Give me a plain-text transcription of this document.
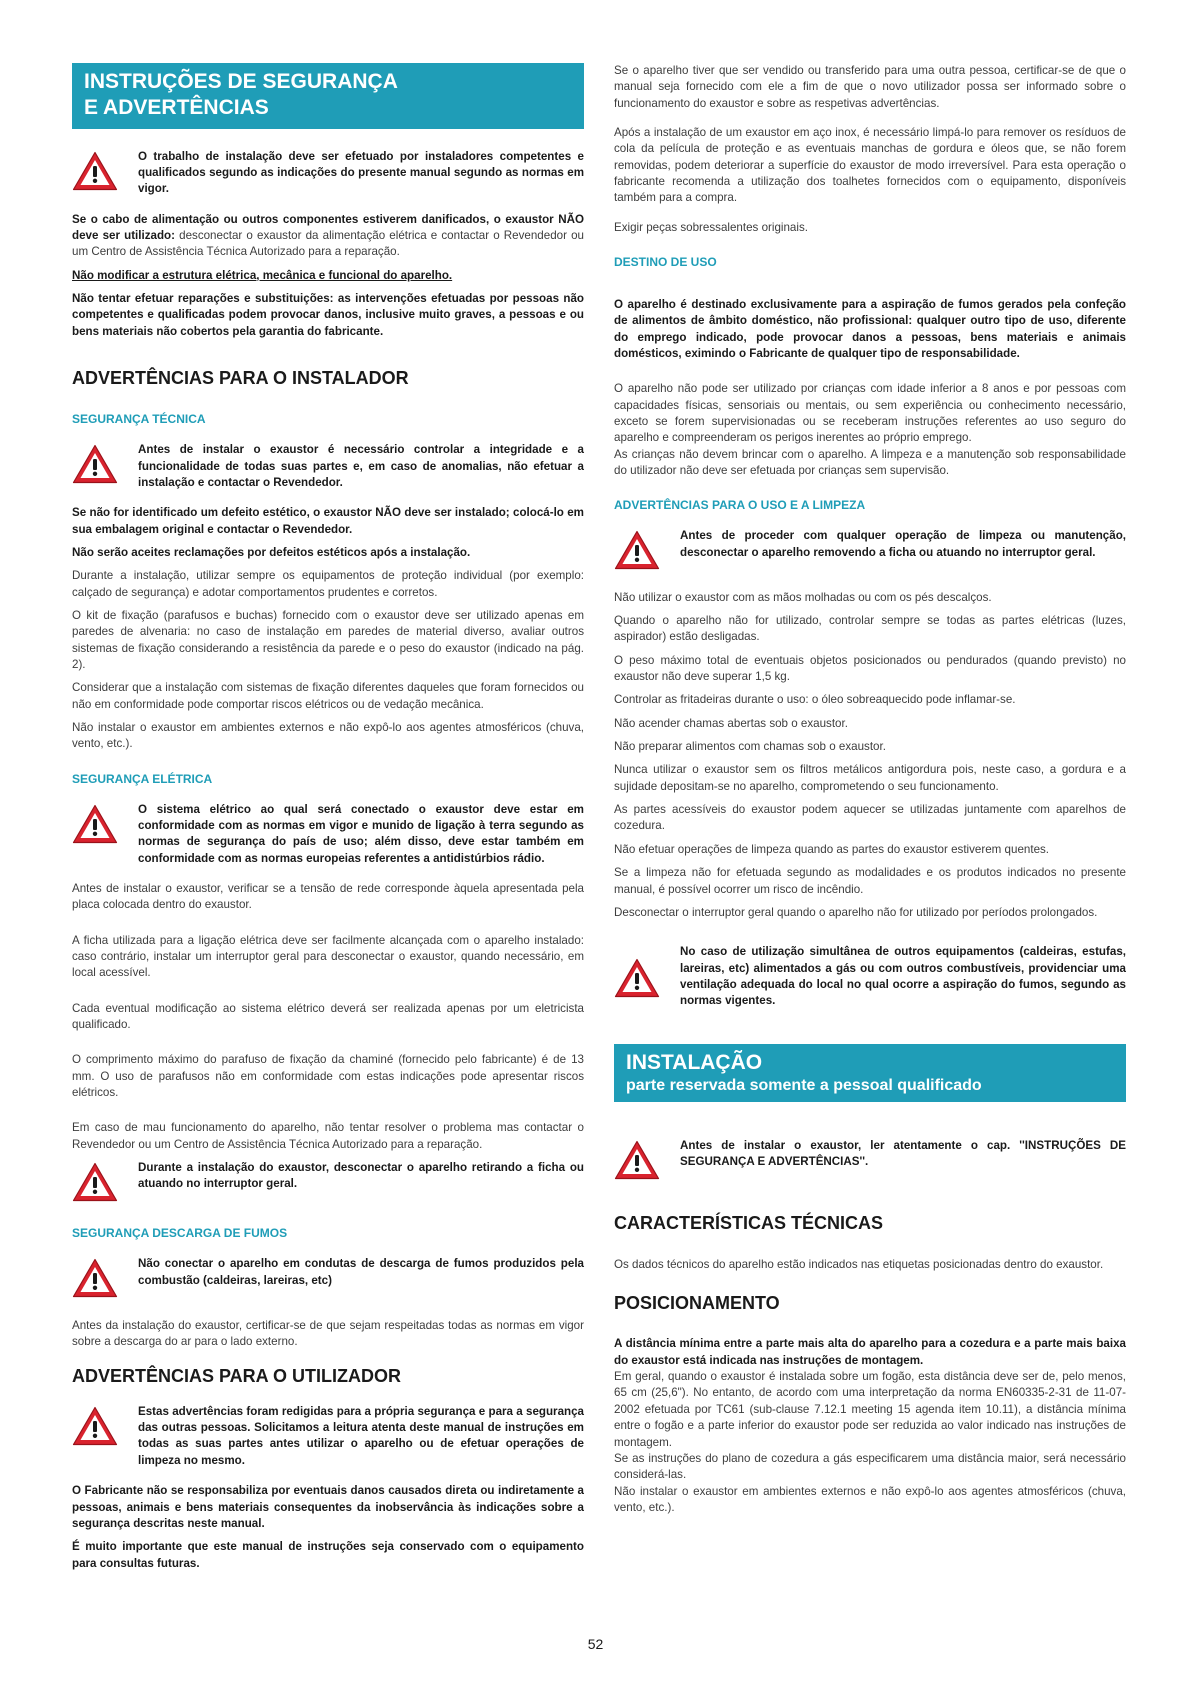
INSTRUÇÕES DE SEGURANÇA
E ADVERTÊNCIAS
O trabalho de instalação deve ser efetuado por instaladores competentes e qualificados segundo as indicações do presente manual segundo as normas em vigor.

Se o cabo de alimentação ou outros componentes estiverem danificados, o exaustor NÃO deve ser utilizado: desconectar o exaustor da alimentação elétrica e contactar o Revendedor ou um Centro de Assistência Técnica Autorizado para a reparação.

Não modificar a estrutura elétrica, mecânica e funcional do aparelho.

Não tentar efetuar reparações e substituições: as intervenções efetuadas por pessoas não competentes e qualificadas podem provocar danos, inclusive muito graves, a pessoas e ou bens materiais não cobertos pela garantia do fabricante.

ADVERTÊNCIAS PARA O INSTALADOR
SEGURANÇA TÉCNICA
Antes de instalar o exaustor é necessário controlar a integridade e a funcionalidade de todas suas partes e, em caso de anomalias, não efetuar a instalação e contactar o Revendedor.

Se não for identificado um defeito estético, o exaustor NÃO deve ser instalado; colocá-lo em sua embalagem original e contactar o Revendedor.

Não serão aceites reclamações por defeitos estéticos após a instalação.

Durante a instalação, utilizar sempre os equipamentos de proteção individual (por exemplo: calçado de segurança) e adotar comportamentos prudentes e corretos.

O kit de fixação (parafusos e buchas) fornecido com o exaustor deve ser utilizado apenas em paredes de alvenaria: no caso de instalação em paredes de material diverso, avaliar outros sistemas de fixação considerando a resistência da parede e o peso do exaustor (indicado na pág. 2).

Considerar que a instalação com sistemas de fixação diferentes daqueles que foram fornecidos ou não em conformidade pode comportar riscos elétricos ou de vedação mecânica.

Não instalar o exaustor em ambientes externos e não expô-lo aos agentes atmosféricos (chuva, vento, etc.).

SEGURANÇA ELÉTRICA
O sistema elétrico ao qual será conectado o exaustor deve estar em conformidade com as normas em vigor e munido de ligação à terra segundo as normas de segurança do país de uso; além disso, deve estar também em conformidade com as normas europeias referentes a antidistúrbios rádio.

Antes de instalar o exaustor, verificar se a tensão de rede corresponde àquela apresentada pela placa colocada dentro do exaustor.

A ficha utilizada para a ligação elétrica deve ser facilmente alcançada com o aparelho instalado: caso contrário, instalar um interruptor geral para desconectar o exaustor, quando necessário, em local acessível.

Cada eventual modificação ao sistema elétrico deverá ser realizada apenas por um eletricista qualificado.

O comprimento máximo do parafuso de fixação da chaminé (fornecido pelo fabricante) é de 13 mm. O uso de parafusos não em conformidade com estas indicações pode apresentar riscos elétricos.

Em caso de mau funcionamento do aparelho, não tentar resolver o problema mas contactar o Revendedor ou um Centro de Assistência Técnica Autorizado para a reparação.

Durante a instalação do exaustor, desconectar o aparelho retirando a ficha ou atuando no interruptor geral.
SEGURANÇA DESCARGA DE FUMOS
Não conectar o aparelho em condutas de descarga de fumos produzidos pela combustão (caldeiras, lareiras, etc)

Antes da instalação do exaustor, certificar-se de que sejam respeitadas todas as normas em vigor sobre a descarga do ar para o lado externo.

ADVERTÊNCIAS PARA O UTILIZADOR
Estas advertências foram redigidas para a própria segurança e para a segurança das outras pessoas. Solicitamos a leitura atenta deste manual de instruções em todas as suas partes antes utilizar o aparelho ou de efetuar operações de limpeza no mesmo.

O Fabricante não se responsabiliza por eventuais danos causados direta ou indiretamente a pessoas, animais e bens materiais consequentes da inobservância às indicações sobre a segurança descritas neste manual.

É muito importante que este manual de instruções seja conservado com o equipamento para consultas futuras.

Se o aparelho tiver que ser vendido ou transferido para uma outra pessoa, certificar-se de que o manual seja fornecido com ele a fim de que o novo utilizador possa ser informado sobre o funcionamento do exaustor e sobre as respetivas advertências.

Após a instalação de um exaustor em aço inox, é necessário limpá-lo para remover os resíduos de cola da película de proteção e as eventuais manchas de gordura e óleos que, se não forem removidas, podem deteriorar a superfície do exaustor de modo irreversível. Para esta operação o fabricante recomenda a utilização dos toalhetes fornecidos com o equipamento, disponíveis também para a compra.

Exigir peças sobressalentes originais.

DESTINO DE USO

O aparelho é destinado exclusivamente para a aspiração de fumos gerados pela confeção de alimentos de âmbito doméstico, não profissional: qualquer outro tipo de uso, diferente do emprego indicado, pode provocar danos a pessoas, bens materiais e animais domésticos, eximindo o Fabricante de qualquer tipo de responsabilidade.

O aparelho não pode ser utilizado por crianças com idade inferior a 8 anos e por pessoas com capacidades físicas, sensoriais ou mentais, ou sem experiência ou conhecimento necessário, exceto se forem supervisionadas ou se receberam instruções referentes ao uso seguro do aparelho e compreenderam os perigos inerentes ao próprio emprego.

As crianças não devem brincar com o aparelho. A limpeza e a manutenção sob responsabilidade do utilizador não deve ser efetuada por crianças sem supervisão.

ADVERTÊNCIAS PARA O USO E A LIMPEZA
Antes de proceder com qualquer operação de limpeza ou manutenção, desconectar o aparelho removendo a ficha ou atuando no interruptor geral.

Não utilizar o exaustor com as mãos molhadas ou com os pés descalços.

Quando o aparelho não for utilizado, controlar sempre se todas as partes elétricas (luzes, aspirador) estão desligadas.

O peso máximo total de eventuais objetos posicionados ou pendurados (quando previsto) no exaustor não deve superar 1,5 kg.

Controlar as fritadeiras durante o uso: o óleo sobreaquecido pode inflamar-se.

Não acender chamas abertas sob o exaustor.

Não preparar alimentos com chamas sob o exaustor.

Nunca utilizar o exaustor sem os filtros metálicos antigordura pois, neste caso, a gordura e a sujidade depositam-se no aparelho, comprometendo o seu funcionamento.

As partes acessíveis do exaustor podem aquecer se utilizadas juntamente com aparelhos de cozedura.

Não efetuar operações de limpeza quando as partes do exaustor estiverem quentes.

Se a limpeza não for efetuada segundo as modalidades e os produtos indicados no presente manual, é possível ocorrer um risco de incêndio.

Desconectar o interruptor geral quando o aparelho não for utilizado por períodos prolongados.

No caso de utilização simultânea de outros equipamentos (caldeiras, estufas, lareiras, etc) alimentados a gás ou com outros combustíveis, providenciar uma ventilação adequada do local no qual ocorre a aspiração do fumos, segundo as normas vigentes.
INSTALAÇÃO
parte reservada somente a pessoal qualificado
Antes de instalar o exaustor, ler atentamente o cap. ''INSTRUÇÕES DE SEGURANÇA E ADVERTÊNCIAS''.
CARACTERÍSTICAS TÉCNICAS

Os dados técnicos do aparelho estão indicados nas etiquetas posicionadas dentro do exaustor.

POSICIONAMENTO

A distância mínima entre a parte mais alta do aparelho para a cozedura e a parte mais baixa do exaustor está indicada nas instruções de montagem.

Em geral, quando o exaustor é instalada sobre um fogão, esta distância deve ser de, pelo menos, 65 cm (25,6"). No entanto, de acordo com uma interpretação da norma EN60335-2-31 de 11-07-2002 efetuada por TC61 (sub-clause 7.12.1 meeting 15 agenda item 10.11), a distância mínima entre o fogão e a parte inferior do exaustor pode ser reduzida ao valor indicado nas instruções de montagem.

Se as instruções do plano de cozedura a gás especificarem uma distância maior, será necessário considerá-las.

Não instalar o exaustor em ambientes externos e não expô-lo aos agentes atmosféricos (chuva, vento, etc.).

52
